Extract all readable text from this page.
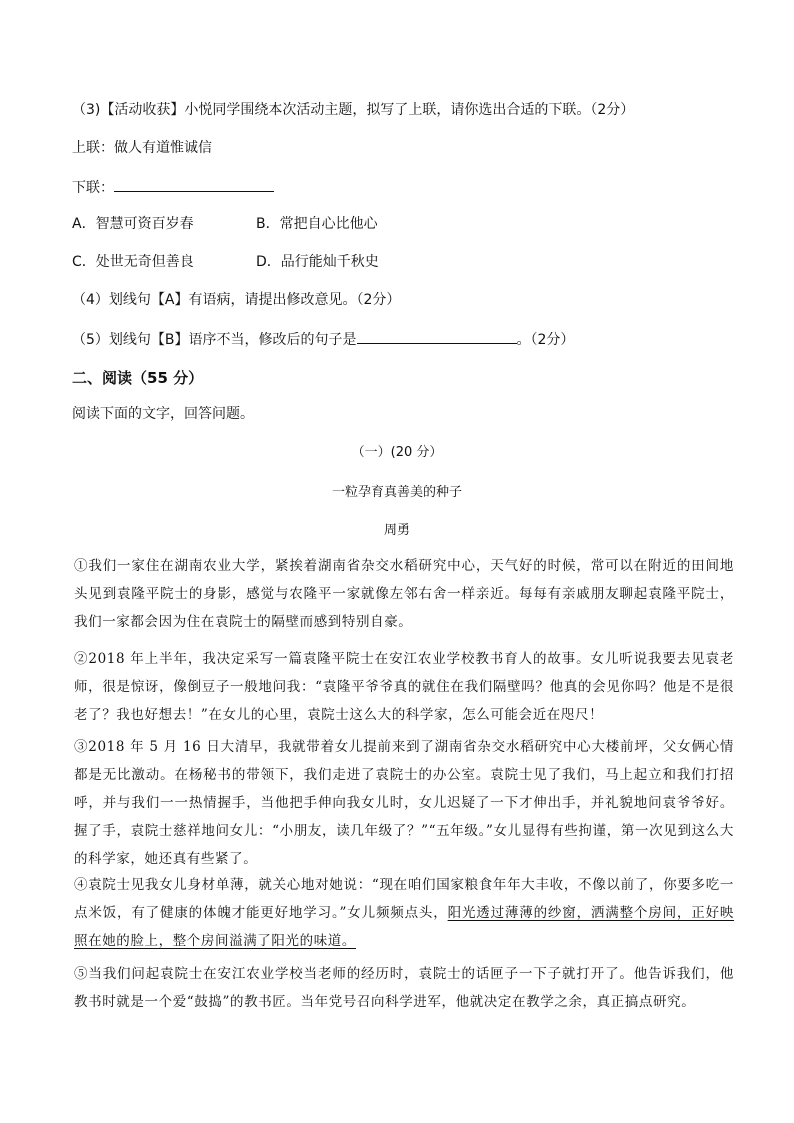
（3)【活动收获】小悦同学围绕本次活动主题，拟写了上联，请你选出合适的下联。（2分）
上联：做人有道惟诚信
下联：
A．智慧可资百岁春	B．常把自心比他心
C．处世无奇但善良	D．品行能灿千秋史
（4）划线句【A】有语病，请提出修改意见。（2分）
（5）划线句【B】语序不当，修改后的句子是	。（2分）
二、阅读（55 分）
阅读下面的文字，回答问题。
（一）(20 分）
一粒孕育真善美的种子
周勇
①我们一家住在湖南农业大学，紧挨着湖南省杂交水稻研究中心，天气好的时候，常可以在附近的田间地头见到袁隆平院士的身影，感觉与农隆平一家就像左邻右舍一样亲近。每每有亲戚朋友聊起袁隆平院士，我们一家都会因为住在袁院士的隔壁而感到特别自豪。
②2018 年上半年，我决定采写一篇袁隆平院士在安江农业学校教书育人的故事。女儿听说我要去见袁老师，很是惊讶，像倒豆子一般地问我：“袁隆平爷爷真的就住在我们隔壁吗？他真的会见你吗？他是不是很老了？我也好想去！”在女儿的心里，袁院士这么大的科学家，怎么可能会近在咫尺！
③2018 年 5 月 16 日大清早，我就带着女儿提前来到了湖南省杂交水稻研究中心大楼前坪，父女俩心情都是无比激动。在杨秘书的带领下，我们走进了袁院士的办公室。袁院士见了我们，马上起立和我们打招呼，并与我们一一热情握手，当他把手伸向我女儿时，女儿迟疑了一下才伸出手，并礼貌地问袁爷爷好。握了手，袁院士慈祥地问女儿：“小朋友，读几年级了？”“五年级。”女儿显得有些拘谨，第一次见到这么大的科学家，她还真有些紧了。
④袁院士见我女儿身材单薄，就关心地对她说：“现在咱们国家粮食年年大丰收，不像以前了，你要多吃一点米饭，有了健康的体魄才能更好地学习。”女儿频频点头，阳光透过薄薄的纱窗，洒满整个房间，正好映照在她的脸上，整个房间溢满了阳光的味道。
⑤当我们问起袁院士在安江农业学校当老师的经历时，袁院士的话匣子一下子就打开了。他告诉我们，他教书时就是一个爱“鼓捣”的教书匠。当年党号召向科学进军，他就决定在教学之余，真正搞点研究。
